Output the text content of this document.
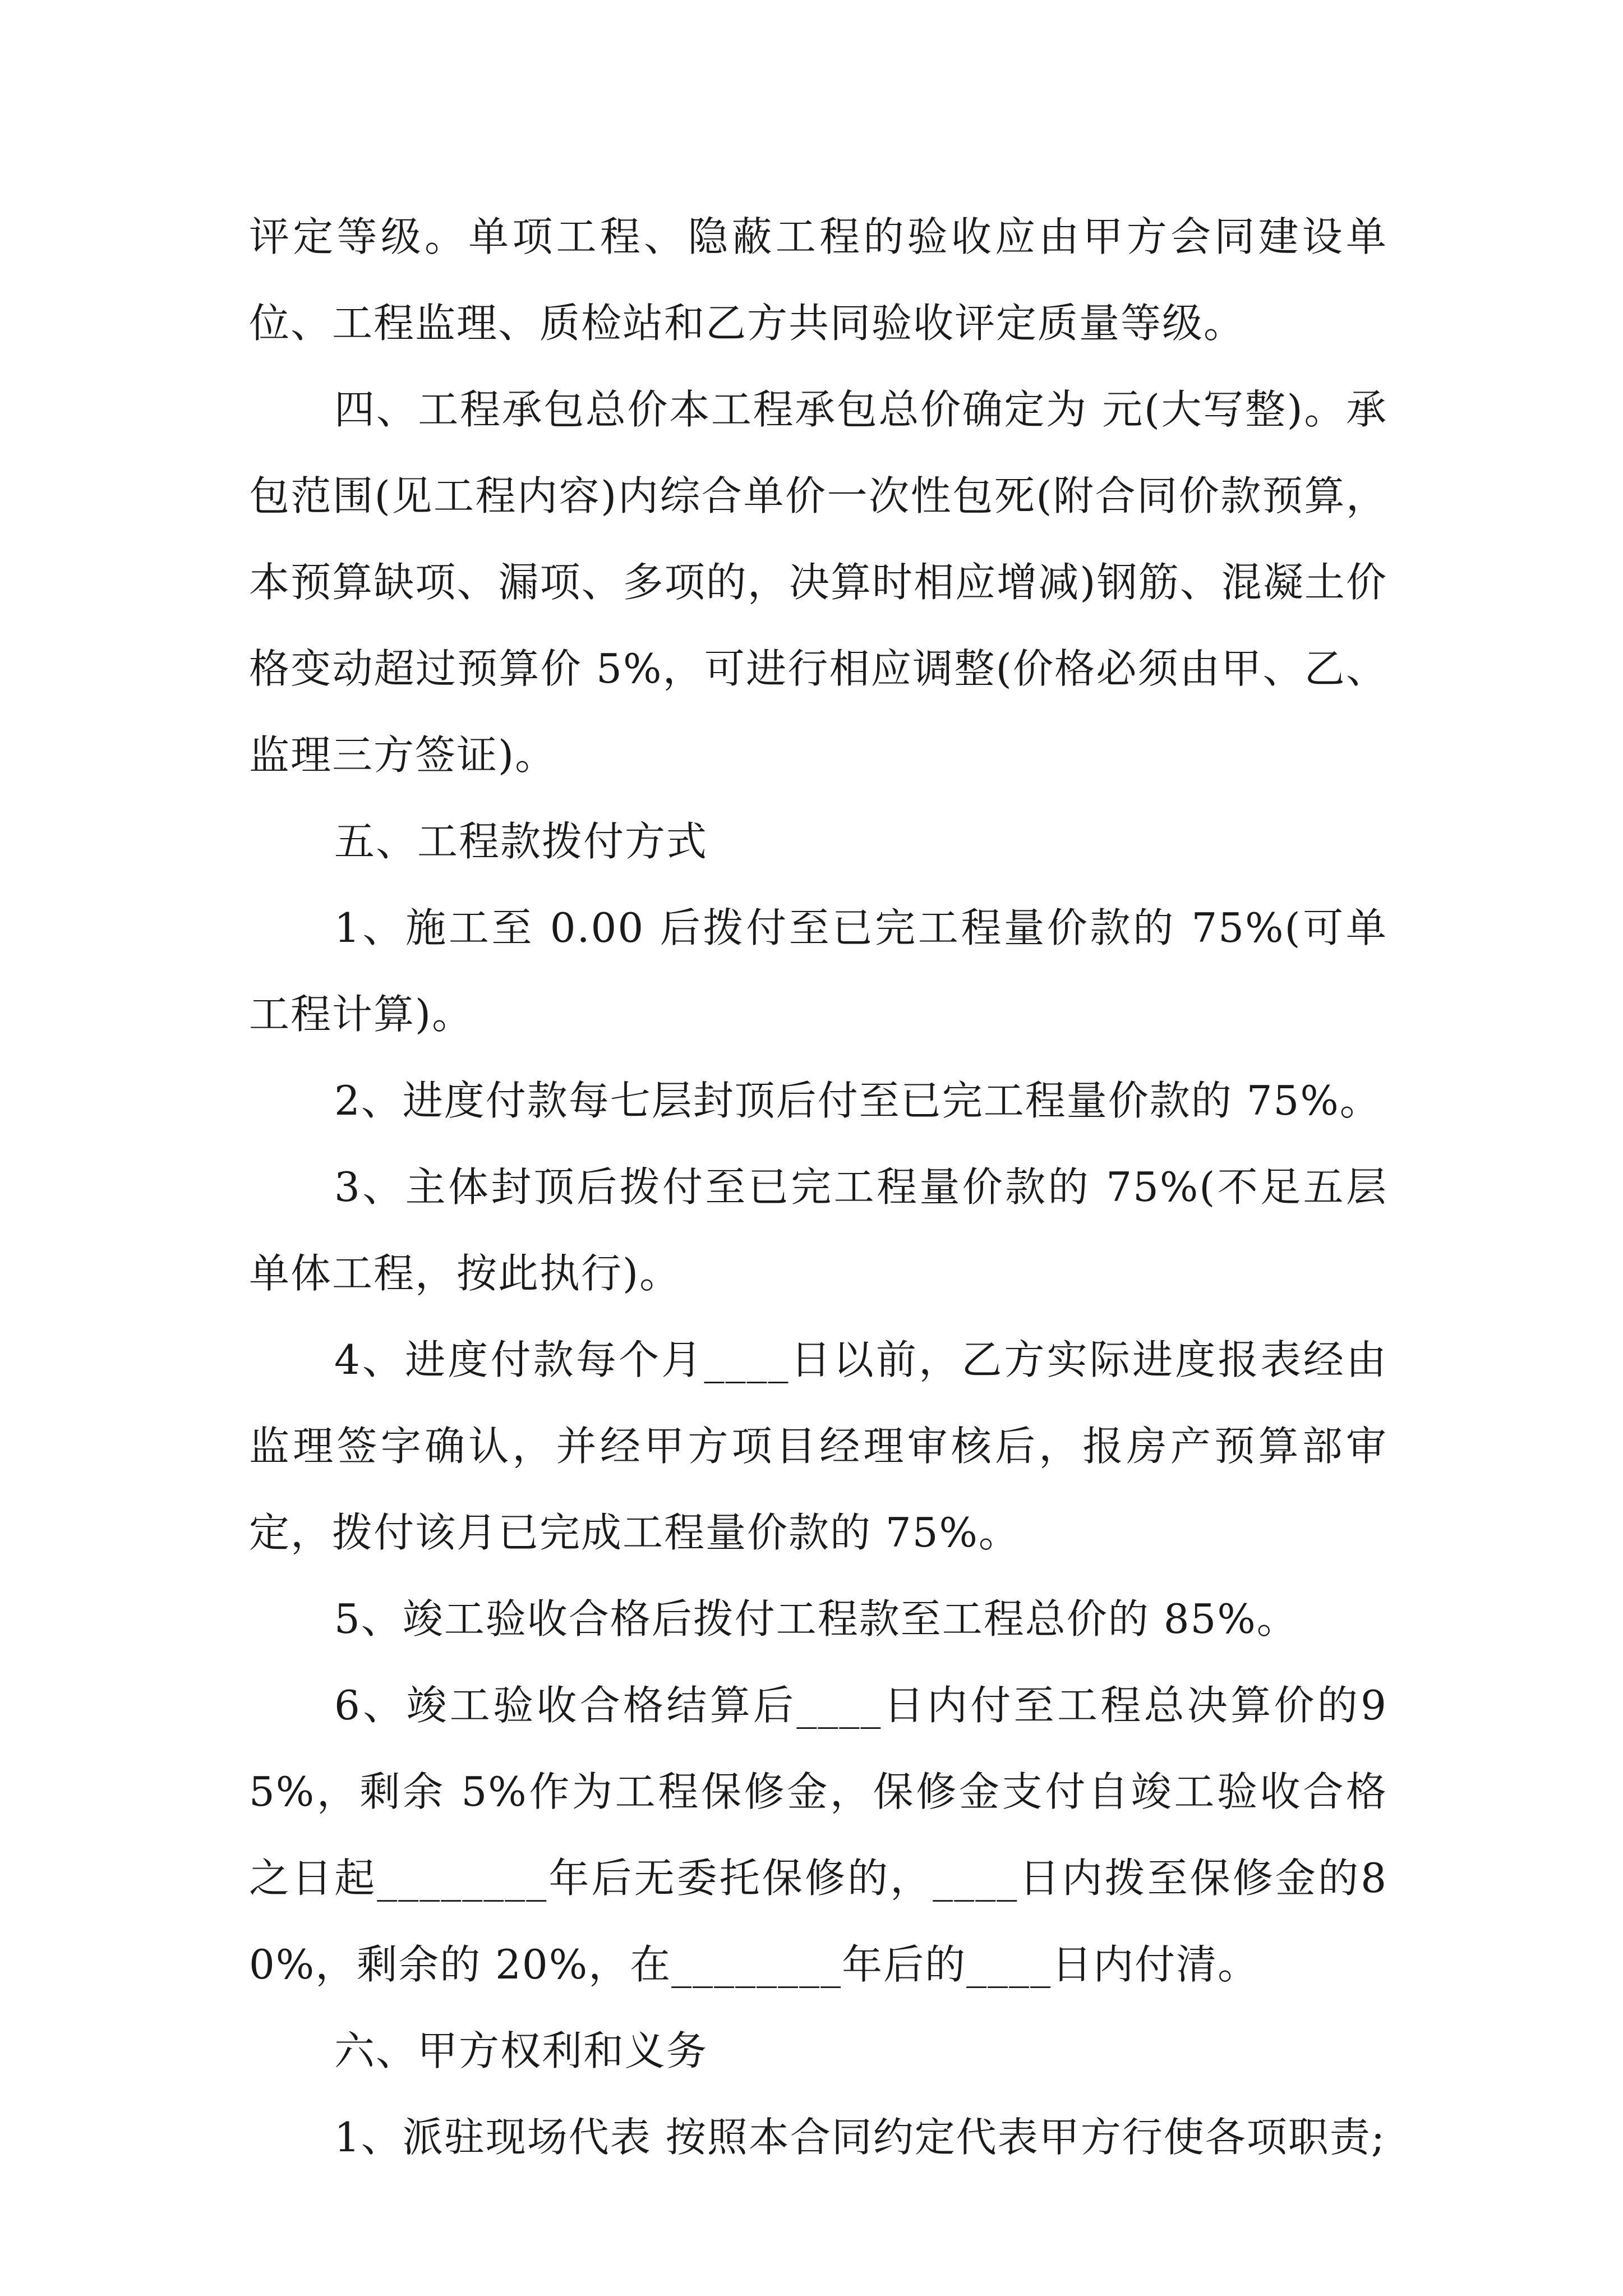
评定等级。单项工程、隐蔽工程的验收应由甲方会同建设单位、工程监理、质检站和乙方共同验收评定质量等级。

四、工程承包总价本工程承包总价确定为 元(大写整)。承包范围(见工程内容)内综合单价一次性包死(附合同价款预算，本预算缺项、漏项、多项的，决算时相应增减)钢筋、混凝土价格变动超过预算价 5%，可进行相应调整(价格必须由甲、乙、监理三方签证)。

五、工程款拨付方式

1、施工至 0.00 后拨付至已完工程量价款的 75%(可单工程计算)。

2、进度付款每七层封顶后付至已完工程量价款的 75%。

3、主体封顶后拨付至已完工程量价款的 75%(不足五层单体工程，按此执行)。

4、进度付款每个月____日以前，乙方实际进度报表经由监理签字确认，并经甲方项目经理审核后，报房产预算部审定，拨付该月已完成工程量价款的 75%。

5、竣工验收合格后拨付工程款至工程总价的 85%。

6、竣工验收合格结算后____日内付至工程总决算价的95%，剩余 5%作为工程保修金，保修金支付自竣工验收合格之日起________年后无委托保修的，____日内拨至保修金的80%，剩余的 20%，在________年后的____日内付清。

六、甲方权利和义务

1、派驻现场代表 按照本合同约定代表甲方行使各项职责;
